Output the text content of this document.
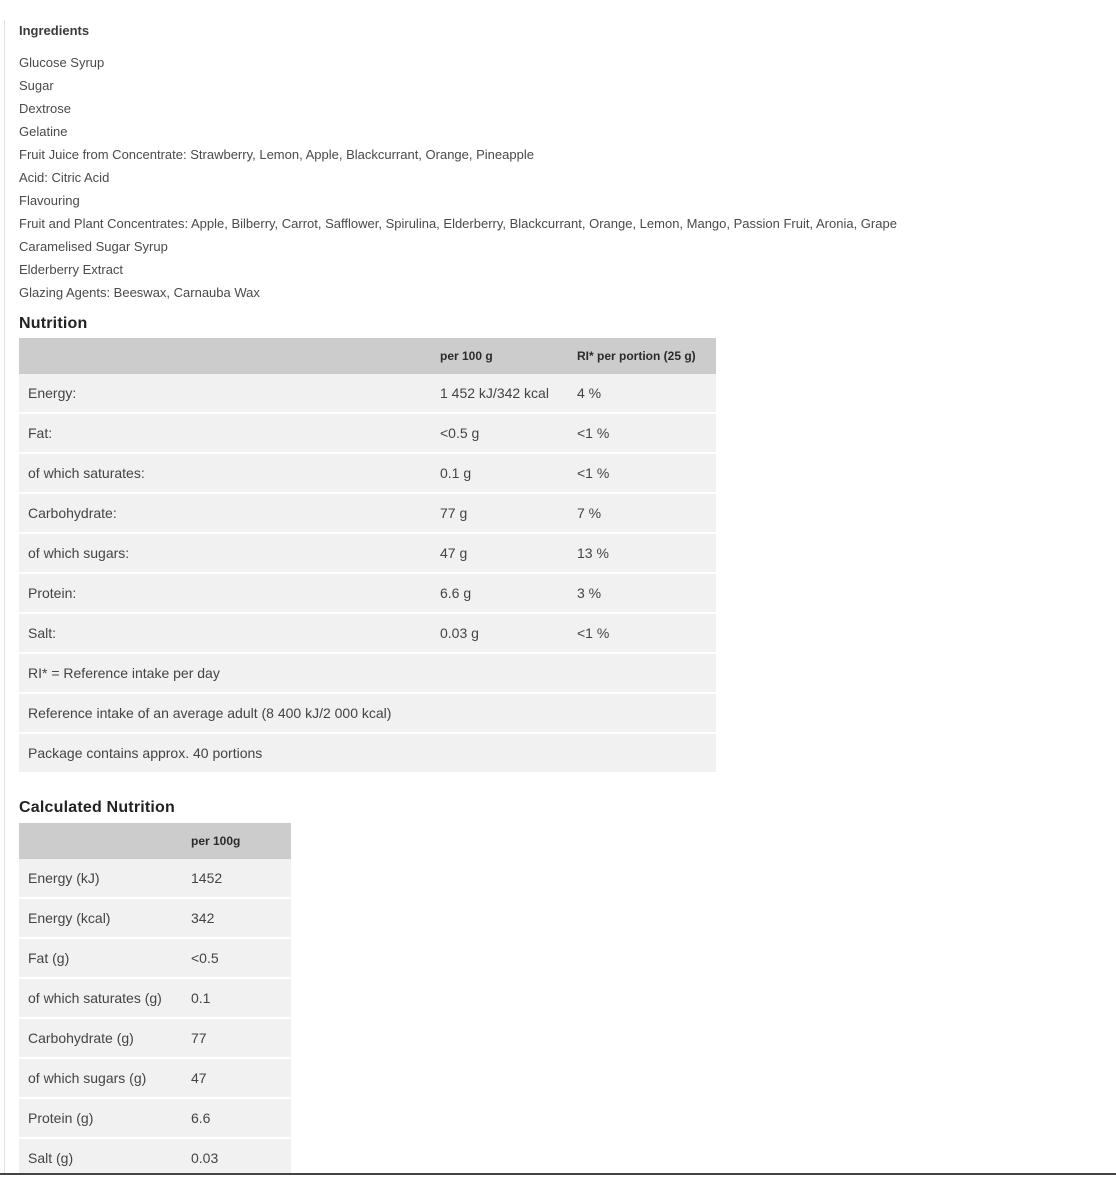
Ingredients
Glucose Syrup
Sugar
Dextrose
Gelatine
Fruit Juice from Concentrate: Strawberry, Lemon, Apple, Blackcurrant, Orange, Pineapple
Acid: Citric Acid
Flavouring
Fruit and Plant Concentrates: Apple, Bilberry, Carrot, Safflower, Spirulina, Elderberry, Blackcurrant, Orange, Lemon, Mango, Passion Fruit, Aronia, Grape
Caramelised Sugar Syrup
Elderberry Extract
Glazing Agents: Beeswax, Carnauba Wax
Nutrition
	per 100 g	RI* per portion (25 g)
Energy:	1 452 kJ/342 kcal	4 %
Fat:	<0.5 g	<1 %
of which saturates:	0.1 g	<1 %
Carbohydrate:	77 g	7 %
of which sugars:	47 g	13 %
Protein:	6.6 g	3 %
Salt:	0.03 g	<1 %
RI* = Reference intake per day		
Reference intake of an average adult (8 400 kJ/2 000 kcal)		
Package contains approx. 40 portions		
Calculated Nutrition
	per 100g
Energy (kJ)	1452
Energy (kcal)	342
Fat (g)	<0.5
of which saturates (g)	0.1
Carbohydrate (g)	77
of which sugars (g)	47
Protein (g)	6.6
Salt (g)	0.03
